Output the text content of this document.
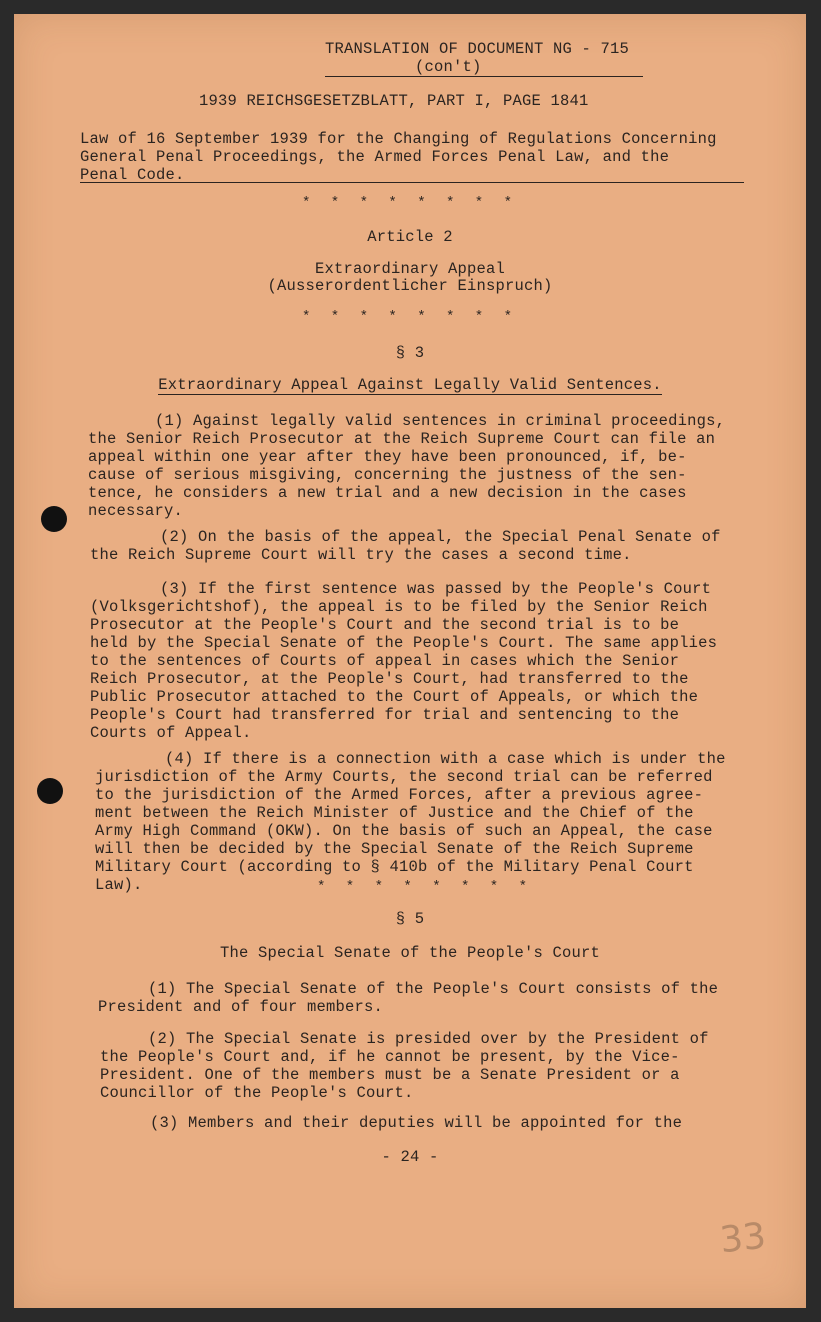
TRANSLATION OF DOCUMENT NG - 715
(con't)
1939 REICHSGESETZBLATT, PART I, PAGE 1841
Law of 16 September 1939 for the Changing of Regulations Concerning
General Penal Proceedings, the Armed Forces Penal Law, and the
Penal Code.
* * * * * * * *
Article 2
Extraordinary Appeal
(Ausserordentlicher Einspruch)
* * * * * * * *
§ 3
Extraordinary Appeal Against Legally Valid Sentences.
(1) Against legally valid sentences in criminal proceedings,
the Senior Reich Prosecutor at the Reich Supreme Court can file an
appeal within one year after they have been pronounced, if, be-
cause of serious misgiving, concerning the justness of the sen-
tence, he considers a new trial and a new decision in the cases
necessary.
(2) On the basis of the appeal, the Special Penal Senate of
the Reich Supreme Court will try the cases a second time.
(3) If the first sentence was passed by the People's Court
(Volksgerichtshof), the appeal is to be filed by the Senior Reich
Prosecutor at the People's Court and the second trial is to be
held by the Special Senate of the People's Court. The same applies
to the sentences of Courts of appeal in cases which the Senior
Reich Prosecutor, at the People's Court, had transferred to the
Public Prosecutor attached to the Court of Appeals, or which the
People's Court had transferred for trial and sentencing to the
Courts of Appeal.
(4) If there is a connection with a case which is under the
jurisdiction of the Army Courts, the second trial can be referred
to the jurisdiction of the Armed Forces, after a previous agree-
ment between the Reich Minister of Justice and the Chief of the
Army High Command (OKW). On the basis of such an Appeal, the case
will then be decided by the Special Senate of the Reich Supreme
Military Court (according to § 410b of the Military Penal Court
Law).	* * * * * * * *
§ 5
The Special Senate of the People's Court
(1) The Special Senate of the People's Court consists of the
President and of four members.
(2) The Special Senate is presided over by the President of
the People's Court and, if he cannot be present, by the Vice-
President. One of the members must be a Senate President or a
Councillor of the People's Court.
(3) Members and their deputies will be appointed for the
- 24 -
33
